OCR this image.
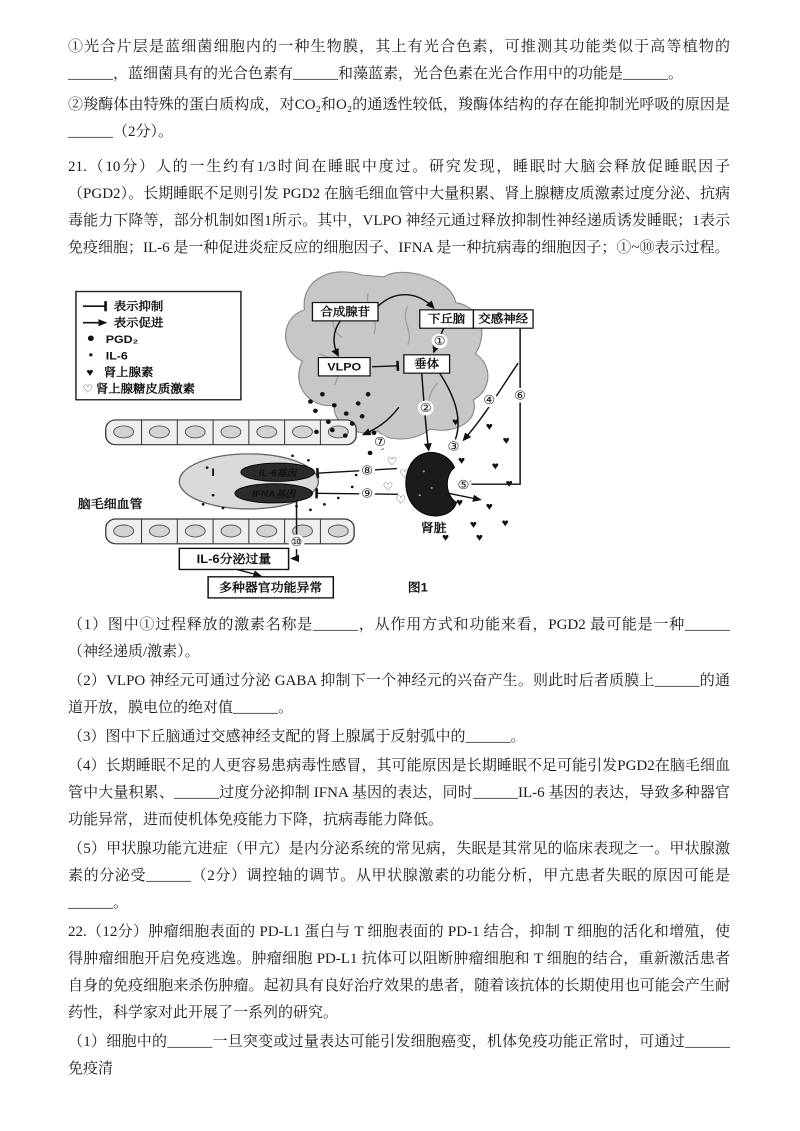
①光合片层是蓝细菌细胞内的一种生物膜，其上有光合色素，可推测其功能类似于高等植物的______，蓝细菌具有的光合色素有______和藻蓝素，光合色素在光合作用中的功能是______。

②羧酶体由特殊的蛋白质构成，对CO₂和O₂的通透性较低，羧酶体结构的存在能抑制光呼吸的原因是______（2分）。

21.（10分）人的一生约有1/3时间在睡眠中度过。研究发现，睡眠时大脑会释放促睡眠因子（PGD2）。长期睡眠不足则引发 PGD2 在脑毛细血管中大量积累、肾上腺糖皮质激素过度分泌、抗病毒能力下降等，部分机制如图1所示。其中，VLPO 神经元通过释放抑制性神经递质诱发睡眠；1表示免疫细胞；IL-6 是一种促进炎症反应的细胞因子、IFNA 是一种抗病毒的细胞因子；①~⑩表示过程。

脑毛细血管
I	IL-6基因
IFNA基因
肾脏
合成腺苷
下丘脑 交感神经
垂体
VLPO
表示抑制
表示促进
PGD₂
IL-6
♥ 肾上腺素
♡ 肾上腺糖皮质激素
♥ ♥
♥
♥ ♥
♥
♥ ♥
♥ ♥
♥ ♥
♡
♡
♡
♡
IL-6分泌过量
多种器官功能异常	图1
①
②
③
④
⑤
⑥
⑦
⑧
⑨
⑩

（1）图中①过程释放的激素名称是______，从作用方式和功能来看，PGD2 最可能是一种______（神经递质/激素）。

（2）VLPO 神经元可通过分泌 GABA 抑制下一个神经元的兴奋产生。则此时后者质膜上______的通道开放，膜电位的绝对值______。

（3）图中下丘脑通过交感神经支配的肾上腺属于反射弧中的______。

（4）长期睡眠不足的人更容易患病毒性感冒，其可能原因是长期睡眠不足可能引发PGD2在脑毛细血管中大量积累、______过度分泌抑制 IFNA 基因的表达，同时______IL-6 基因的表达，导致多种器官功能异常，进而使机体免疫能力下降，抗病毒能力降低。

（5）甲状腺功能亢进症（甲亢）是内分泌系统的常见病，失眠是其常见的临床表现之一。甲状腺激素的分泌受______（2分）调控轴的调节。从甲状腺激素的功能分析，甲亢患者失眠的原因可能是______。

22.（12分）肿瘤细胞表面的 PD-L1 蛋白与 T 细胞表面的 PD-1 结合，抑制 T 细胞的活化和增殖，使得肿瘤细胞开启免疫逃逸。肿瘤细胞 PD-L1 抗体可以阻断肿瘤细胞和 T 细胞的结合，重新激活患者自身的免疫细胞来杀伤肿瘤。起初具有良好治疗效果的患者，随着该抗体的长期使用也可能会产生耐药性，科学家对此开展了一系列的研究。

（1）细胞中的______一旦突变或过量表达可能引发细胞癌变，机体免疫功能正常时，可通过______免疫清
